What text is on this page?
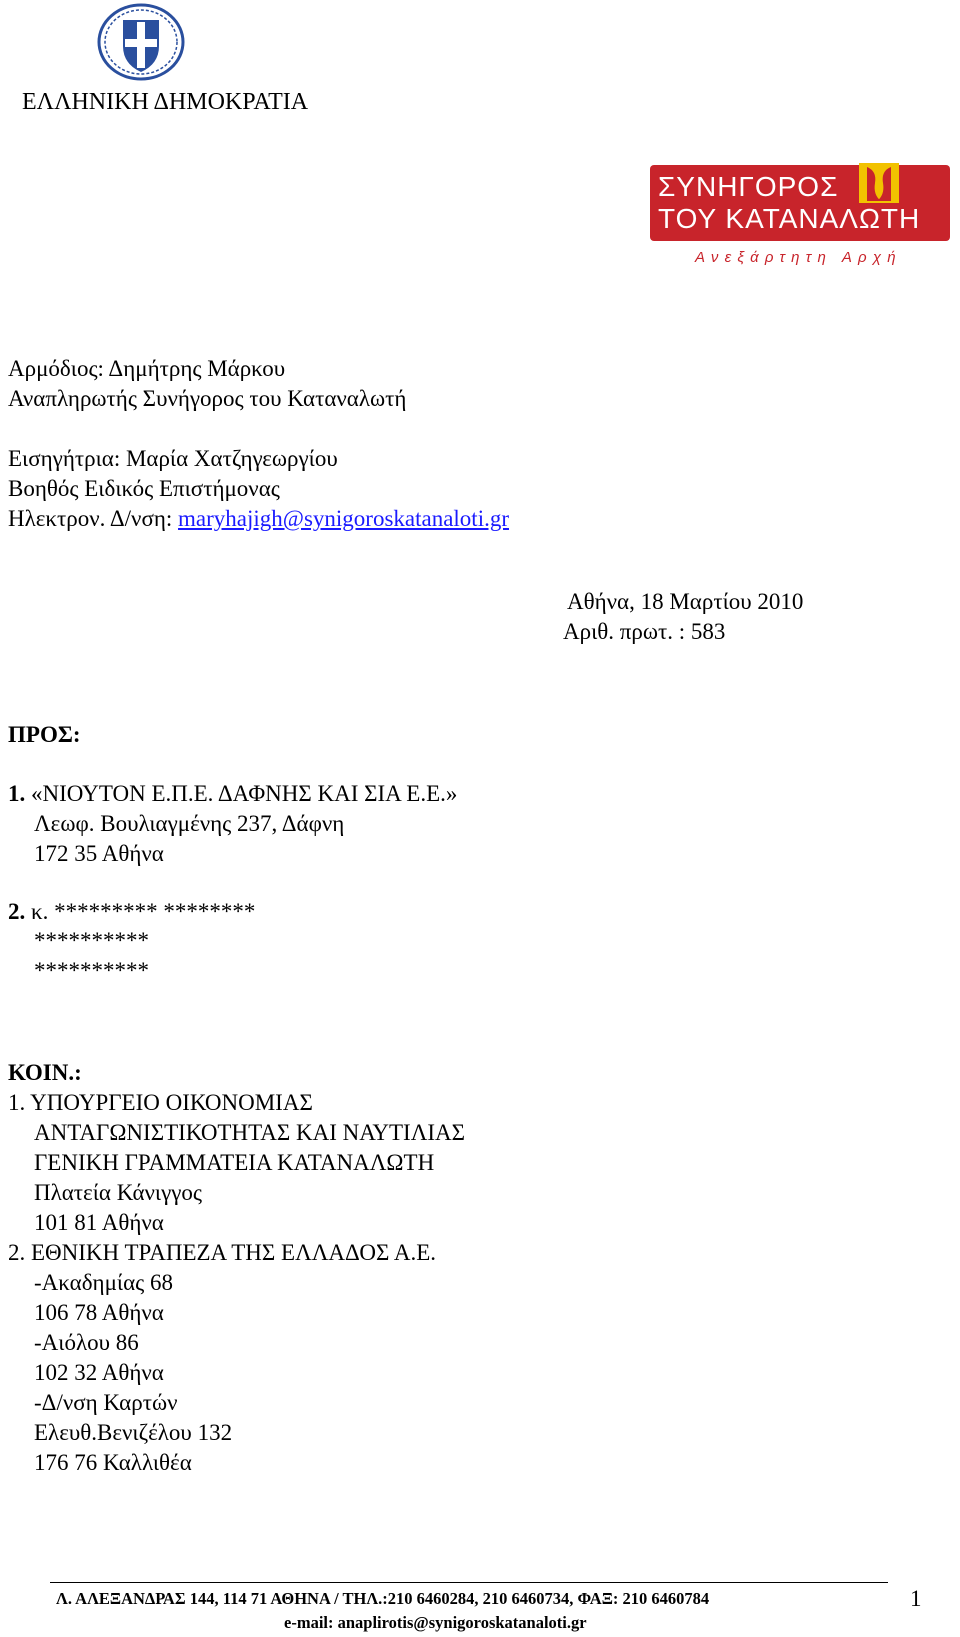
ΕΛΛΗΝΙΚΗ ΔΗΜΟΚΡΑΤΙΑ
ΣΥΝΗΓΟΡΟΣ
ΤΟΥ ΚΑΤΑΝΑΛΩΤΗ
Ανεξάρτητη Αρχή
Αρμόδιος: Δημήτρης Μάρκου
Αναπληρωτής Συνήγορος του Καταναλωτή
Εισηγήτρια: Μαρία Χατζηγεωργίου
Βοηθός Ειδικός Επιστήμονας
Ηλεκτρον. Δ/νση: maryhajigh@synigoroskatanaloti.gr
Αθήνα, 18 Μαρτίου 2010
Αριθ. πρωτ. : 583
ΠΡΟΣ:
1. «ΝΙΟΥΤΟΝ Ε.Π.Ε. ΔΑΦΝΗΣ ΚΑΙ ΣΙΑ Ε.Ε.»
Λεωφ. Βουλιαγμένης 237, Δάφνη
172 35 Αθήνα
2. κ. ********* ********
**********
**********
ΚΟΙΝ.:
1. ΥΠΟΥΡΓΕΙΟ ΟΙΚΟΝΟΜΙΑΣ
ΑΝΤΑΓΩΝΙΣΤΙΚΟΤΗΤΑΣ ΚΑΙ ΝΑΥΤΙΛΙΑΣ
ΓΕΝΙΚΗ ΓΡΑΜΜΑΤΕΙΑ ΚΑΤΑΝΑΛΩΤΗ
Πλατεία Κάνιγγος
101 81 Αθήνα
2. ΕΘΝΙΚΗ ΤΡΑΠΕΖΑ ΤΗΣ ΕΛΛΑΔΟΣ Α.Ε.
-Ακαδημίας 68
106 78 Αθήνα
-Αιόλου 86
102 32 Αθήνα
-Δ/νση Καρτών
Ελευθ.Βενιζέλου 132
176 76 Καλλιθέα
Λ. ΑΛΕΞΑΝΔΡΑΣ 144, 114 71 ΑΘΗΝΑ / ΤΗΛ.:210 6460284, 210 6460734, ΦΑΞ: 210 6460784	1
e-mail: anaplirotis@synigoroskatanaloti.gr
